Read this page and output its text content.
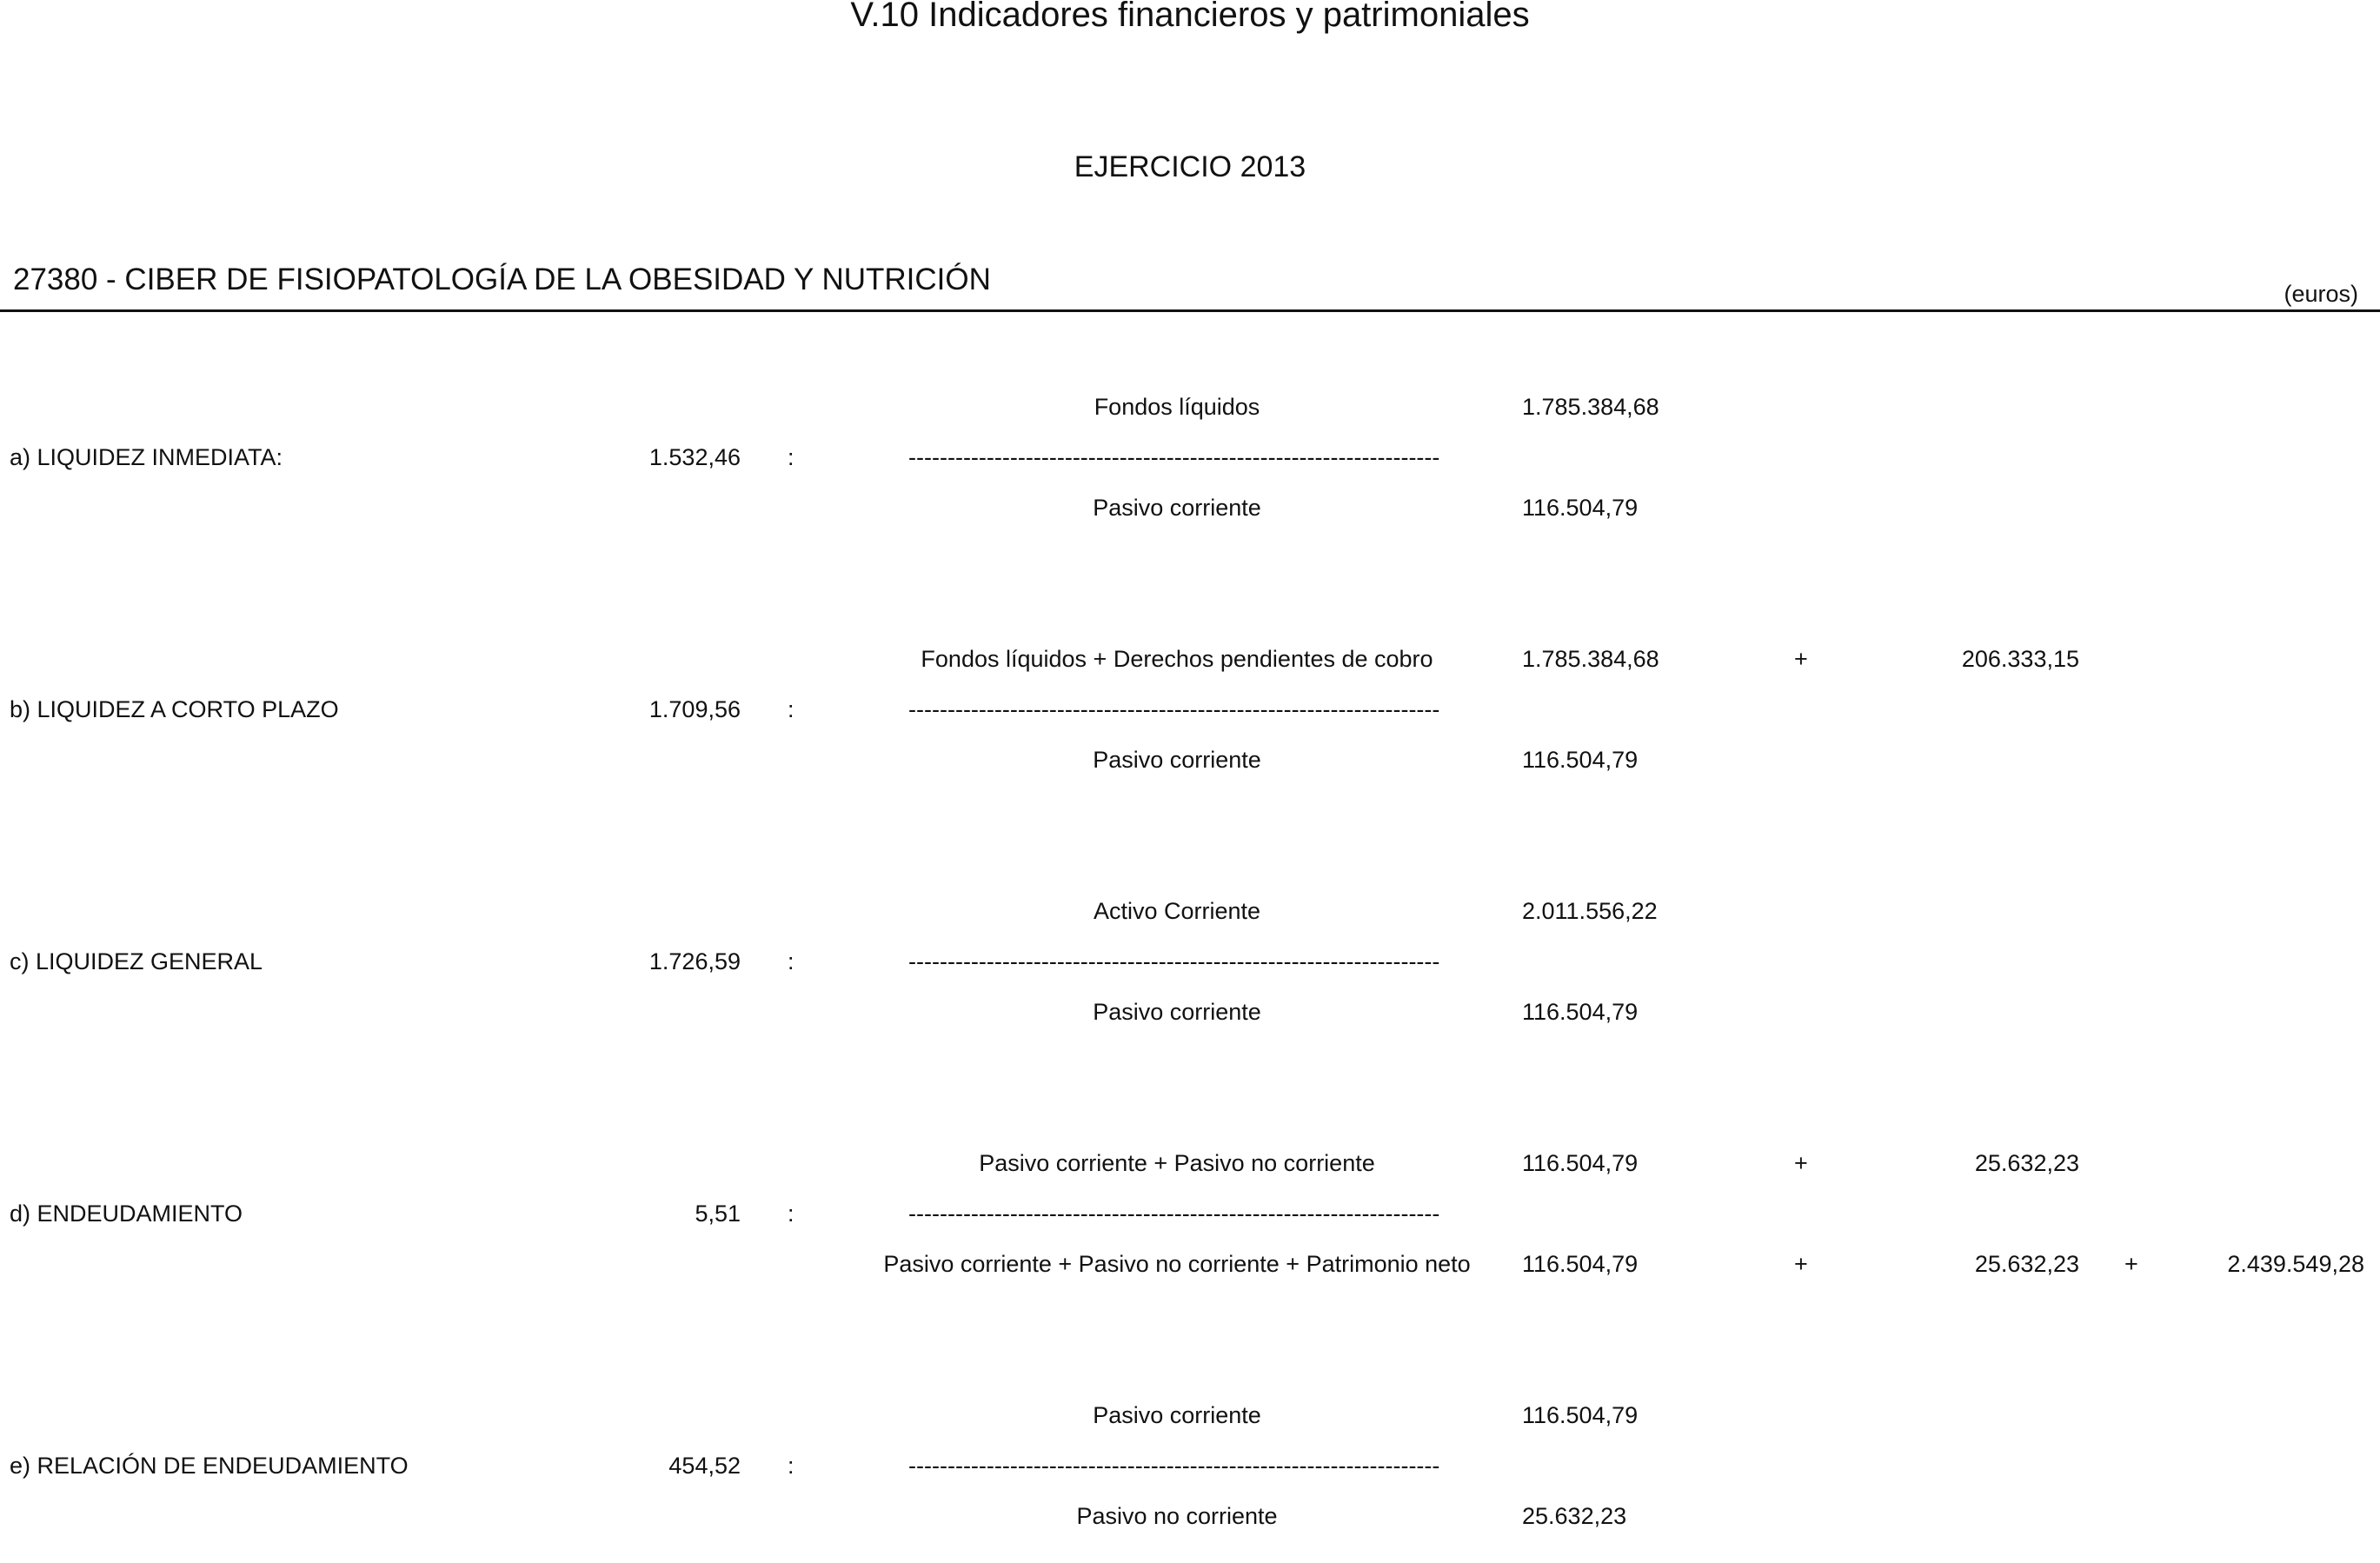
V.10 Indicadores financieros y patrimoniales
EJERCICIO 2013
27380 - CIBER DE FISIOPATOLOGÍA DE LA OBESIDAD Y NUTRICIÓN	(euros)
Fondos líquidos	1.785.384,68
a) LIQUIDEZ INMEDIATA:	1.532,46 :	--------------------------------------------------------------------
Pasivo corriente	116.504,79
Fondos líquidos + Derechos pendientes de cobro	1.785.384,68	+	206.333,15
b) LIQUIDEZ A CORTO PLAZO	1.709,56 :	--------------------------------------------------------------------
Pasivo corriente	116.504,79
Activo Corriente	2.011.556,22
c) LIQUIDEZ GENERAL	1.726,59 :	--------------------------------------------------------------------
Pasivo corriente	116.504,79
Pasivo corriente + Pasivo no corriente	116.504,79	+	25.632,23
d) ENDEUDAMIENTO	5,51 :	--------------------------------------------------------------------
Pasivo corriente + Pasivo no corriente + Patrimonio neto	116.504,79	+	25.632,23 +	2.439.549,28
Pasivo corriente	116.504,79
e) RELACIÓN DE ENDEUDAMIENTO	454,52 :	--------------------------------------------------------------------
Pasivo no corriente	25.632,23
